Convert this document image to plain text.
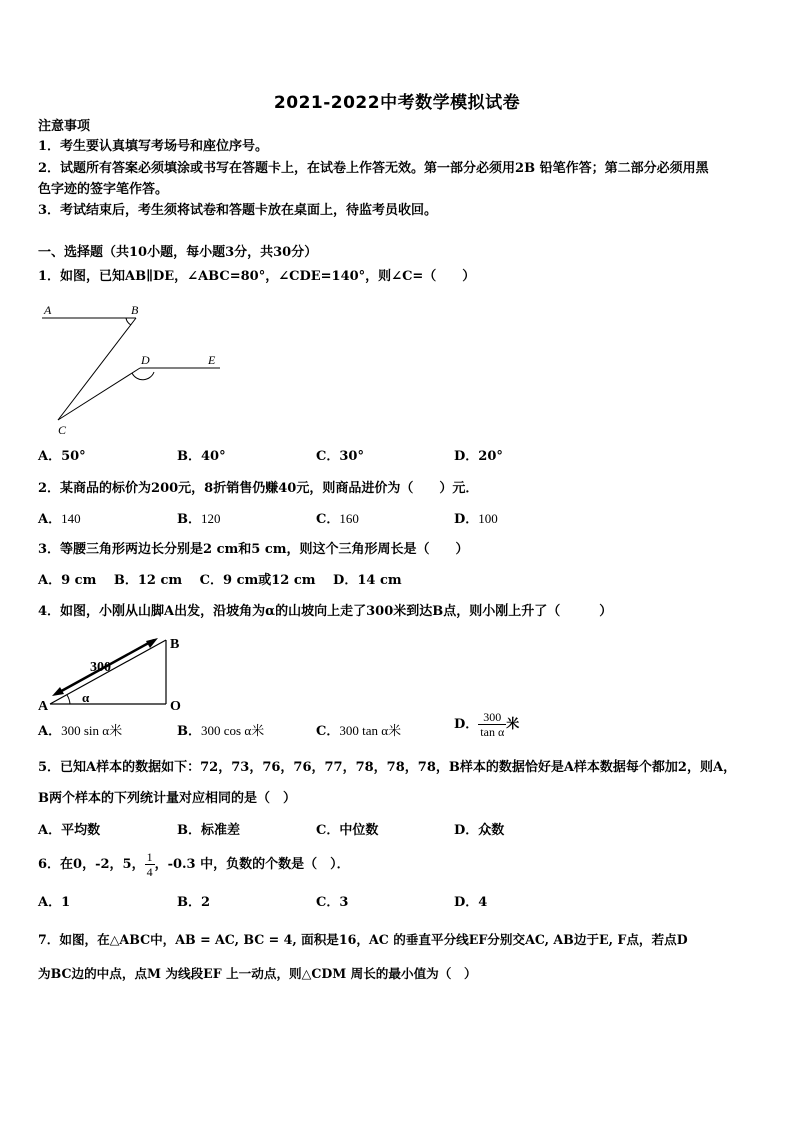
2021-2022中考数学模拟试卷
注意事项
1．考生要认真填写考场号和座位序号。
2．试题所有答案必须填涂或书写在答题卡上，在试卷上作答无效。第一部分必须用2B 铅笔作答；第二部分必须用黑
色字迹的签字笔作答。
3．考试结束后，考生须将试卷和答题卡放在桌面上，待监考员收回。
一、选择题（共10小题，每小题3分，共30分）
1．如图，已知AB∥DE，∠ABC=80°，∠CDE=140°，则∠C=（　　）
A	B
D	E
C
A．50°	B．40°	C．30°	D．20°
2．某商品的标价为200元，8折销售仍赚40元，则商品进价为（　　）元．
A．140	B．120	C．160	D．100
3．等腰三角形两边长分别是2 cm和5 cm，则这个三角形周长是（　　）
A．9 cm　 B．12 cm　 C．9 cm或12 cm　 D．14 cm
4．如图，小刚从山脚A出发，沿坡角为α的山坡向上走了300米到达B点，则小刚上升了（　　　）
300
α
A
B
O
A．300 sin α米	B．300 cos α米	C．300 tan α米	D． $\frac{300}{\text{tan α}}$ 米
5．已知A样本的数据如下：72，73，76，76，77，78，78，78，B样本的数据恰好是A样本数据每个都加2，则A，
B两个样本的下列统计量对应相同的是（　）
A．平均数	B．标准差	C．中位数	D．众数
6．在0，-2，5， $\frac{1}{4}$ ，-0.3 中，负数的个数是（　）．
A．1	B．2	C．3	D．4
7．如图，在△ABC中，AB = AC, BC = 4, 面积是16，AC 的垂直平分线EF分别交AC, AB边于E, F点，若点D
为BC边的中点，点M 为线段EF 上一动点，则△CDM 周长的最小值为（　）
